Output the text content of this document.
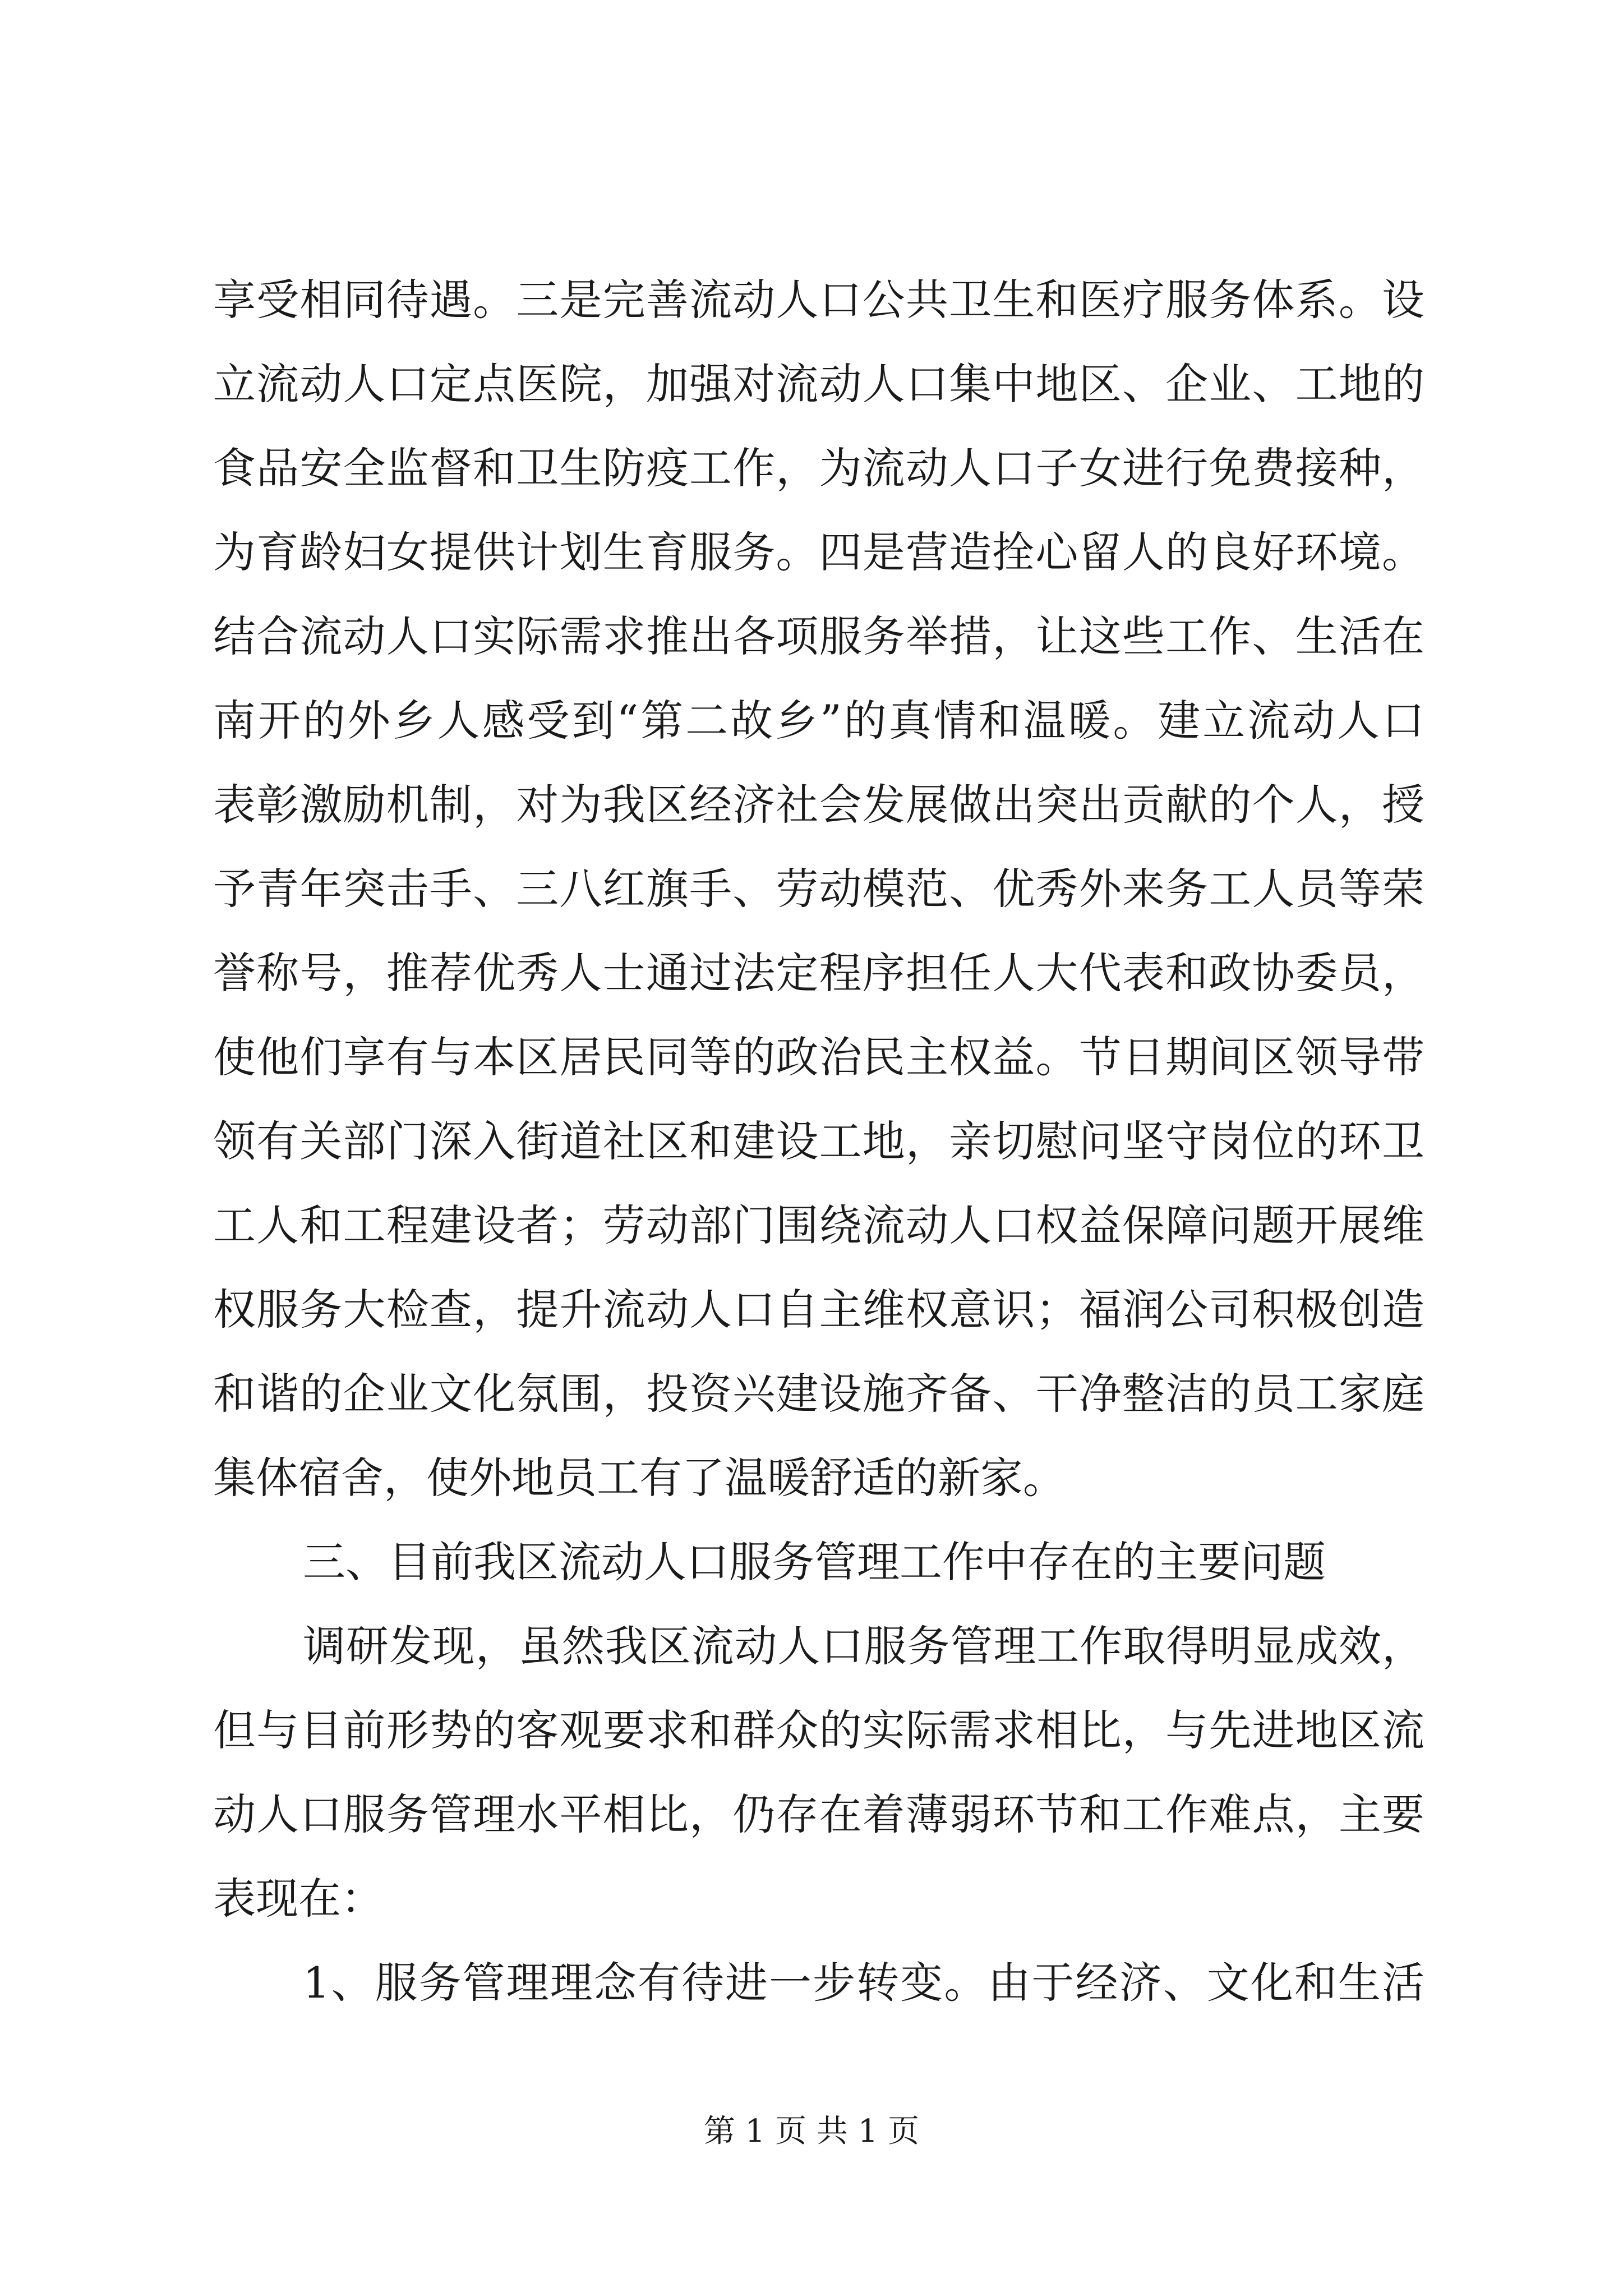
享受相同待遇。三是完善流动人口公共卫生和医疗服务体系。设
立流动人口定点医院，加强对流动人口集中地区、企业、工地的
食品安全监督和卫生防疫工作，为流动人口子女进行免费接种，
为育龄妇女提供计划生育服务。四是营造拴心留人的良好环境。
结合流动人口实际需求推出各项服务举措，让这些工作、生活在
南开的外乡人感受到“第二故乡”的真情和温暖。建立流动人口
表彰激励机制，对为我区经济社会发展做出突出贡献的个人，授
予青年突击手、三八红旗手、劳动模范、优秀外来务工人员等荣
誉称号，推荐优秀人士通过法定程序担任人大代表和政协委员，
使他们享有与本区居民同等的政治民主权益。节日期间区领导带
领有关部门深入街道社区和建设工地，亲切慰问坚守岗位的环卫
工人和工程建设者；劳动部门围绕流动人口权益保障问题开展维
权服务大检查，提升流动人口自主维权意识；福润公司积极创造
和谐的企业文化氛围，投资兴建设施齐备、干净整洁的员工家庭
集体宿舍，使外地员工有了温暖舒适的新家。
三、目前我区流动人口服务管理工作中存在的主要问题
调研发现，虽然我区流动人口服务管理工作取得明显成效，
但与目前形势的客观要求和群众的实际需求相比，与先进地区流
动人口服务管理水平相比，仍存在着薄弱环节和工作难点，主要
表现在：
1、服务管理理念有待进一步转变。由于经济、文化和生活
第 1 页 共 1 页
